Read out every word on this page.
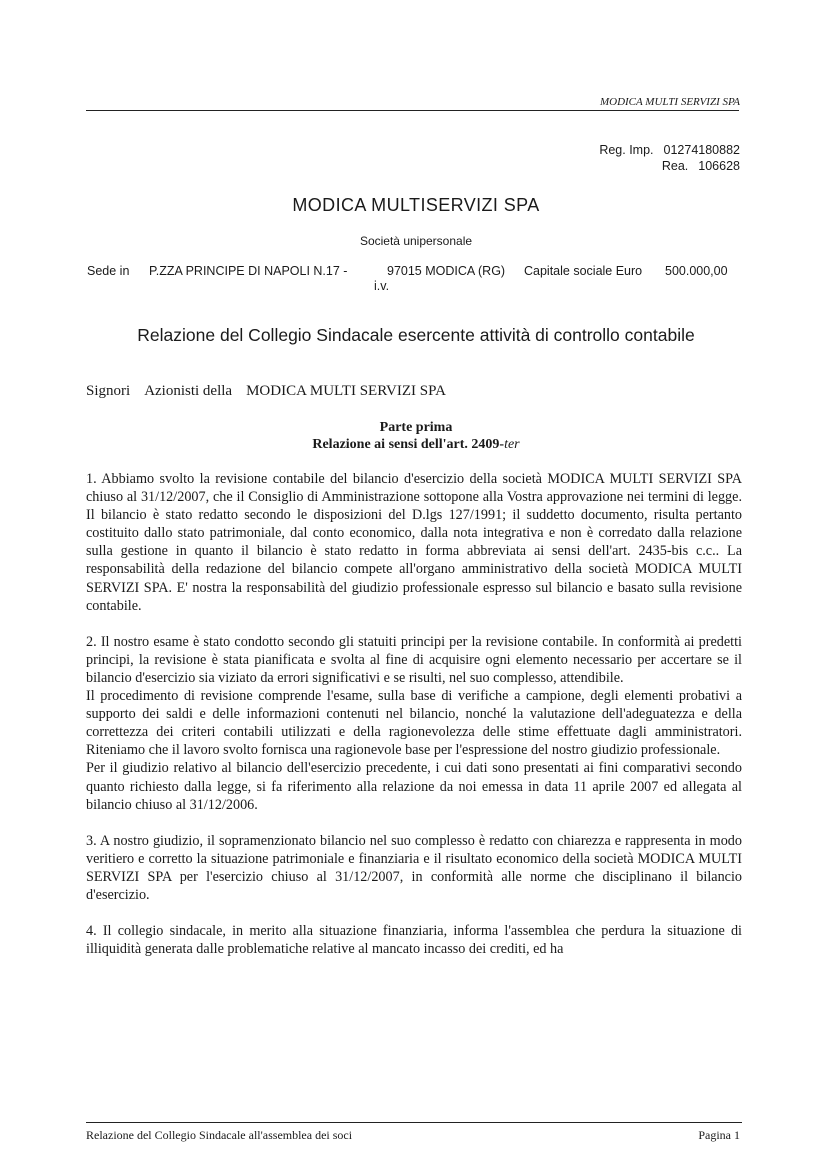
MODICA MULTI SERVIZI SPA
Reg. Imp. 01274180882
Rea. 106628
MODICA MULTISERVIZI SPA
Società unipersonale
Sede in P.ZZA PRINCIPE DI NAPOLI N.17 -	97015 MODICA (RG) Capitale sociale Euro 500.000,00
i.v.
Relazione del Collegio Sindacale esercente attività di controllo contabile
Signori Azionisti della MODICA MULTI SERVIZI SPA
Parte prima
Relazione ai sensi dell'art. 2409-ter

1. Abbiamo svolto la revisione contabile del bilancio d'esercizio della società MODICA MULTI SERVIZI SPA chiuso al 31/12/2007, che il Consiglio di Amministrazione sottopone alla Vostra approvazione nei termini di legge. Il bilancio è stato redatto secondo le disposizioni del D.lgs 127/1991; il suddetto documento, risulta pertanto costituito dallo stato patrimoniale, dal conto economico, dalla nota integrativa e non è corredato dalla relazione sulla gestione in quanto il bilancio è stato redatto in forma abbreviata ai sensi dell'art. 2435-bis c.c.. La responsabilità della redazione del bilancio compete all'organo amministrativo della società MODICA MULTI SERVIZI SPA. E' nostra la responsabilità del giudizio professionale espresso sul bilancio e basato sulla revisione contabile.

2. Il nostro esame è stato condotto secondo gli statuiti principi per la revisione contabile. In conformità ai predetti principi, la revisione è stata pianificata e svolta al fine di acquisire ogni elemento necessario per accertare se il bilancio d'esercizio sia viziato da errori significativi e se risulti, nel suo complesso, attendibile.

Il procedimento di revisione comprende l'esame, sulla base di verifiche a campione, degli elementi probativi a supporto dei saldi e delle informazioni contenuti nel bilancio, nonché la valutazione dell'adeguatezza e della correttezza dei criteri contabili utilizzati e della ragionevolezza delle stime effettuate dagli amministratori. Riteniamo che il lavoro svolto fornisca una ragionevole base per l'espressione del nostro giudizio professionale.

Per il giudizio relativo al bilancio dell'esercizio precedente, i cui dati sono presentati ai fini comparativi secondo quanto richiesto dalla legge, si fa riferimento alla relazione da noi emessa in data 11 aprile 2007 ed allegata al bilancio chiuso al 31/12/2006.

3. A nostro giudizio, il sopramenzionato bilancio nel suo complesso è redatto con chiarezza e rappresenta in modo veritiero e corretto la situazione patrimoniale e finanziaria e il risultato economico della società MODICA MULTI SERVIZI SPA per l'esercizio chiuso al 31/12/2007, in conformità alle norme che disciplinano il bilancio d'esercizio.

4. Il collegio sindacale, in merito alla situazione finanziaria, informa l'assemblea che perdura la situazione di illiquidità generata dalle problematiche relative al mancato incasso dei crediti, ed ha

Relazione del Collegio Sindacale all'assemblea dei soci	Pagina 1
